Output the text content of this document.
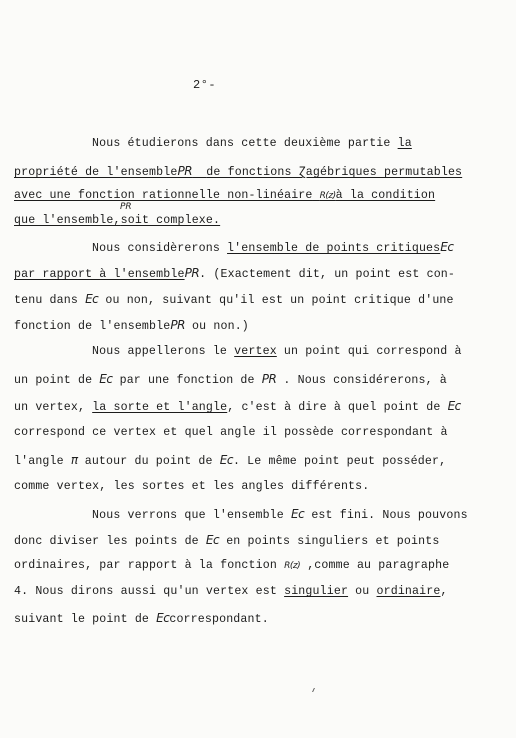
2°-
Nous étudierons dans cette deuxième partie la
propriété de l'ensemblePR de fonctions Ɀagébriques permutables
avec une fonction rationnelle non-linéaire R(z)à la condition
PR
que l'ensemble,soit complexe.
Nous considèrerons l'ensemble de points critiquesEc
par rapport à l'ensemblePR. (Exactement dit, un point est con-
tenu dans Ec ou non, suivant qu'il est un point critique d'une
fonction de l'ensemblePR ou non.)
Nous appellerons le vertex un point qui correspond à
un point de Ec par une fonction de PR . Nous considérerons, à
un vertex, la sorte et l'angle, c'est à dire à quel point de Ec
correspond ce vertex et quel angle il possède correspondant à
l'angle π autour du point de Ec. Le même point peut posséder,
comme vertex, les sortes et les angles différents.
Nous verrons que l'ensemble Ec est fini. Nous pouvons
donc diviser les points de Ec en points singuliers et points
ordinaires, par rapport à la fonction R(z) ,comme au paragraphe
4. Nous dirons aussi qu'un vertex est singulier ou ordinaire,
suivant le point de Eccorrespondant.
